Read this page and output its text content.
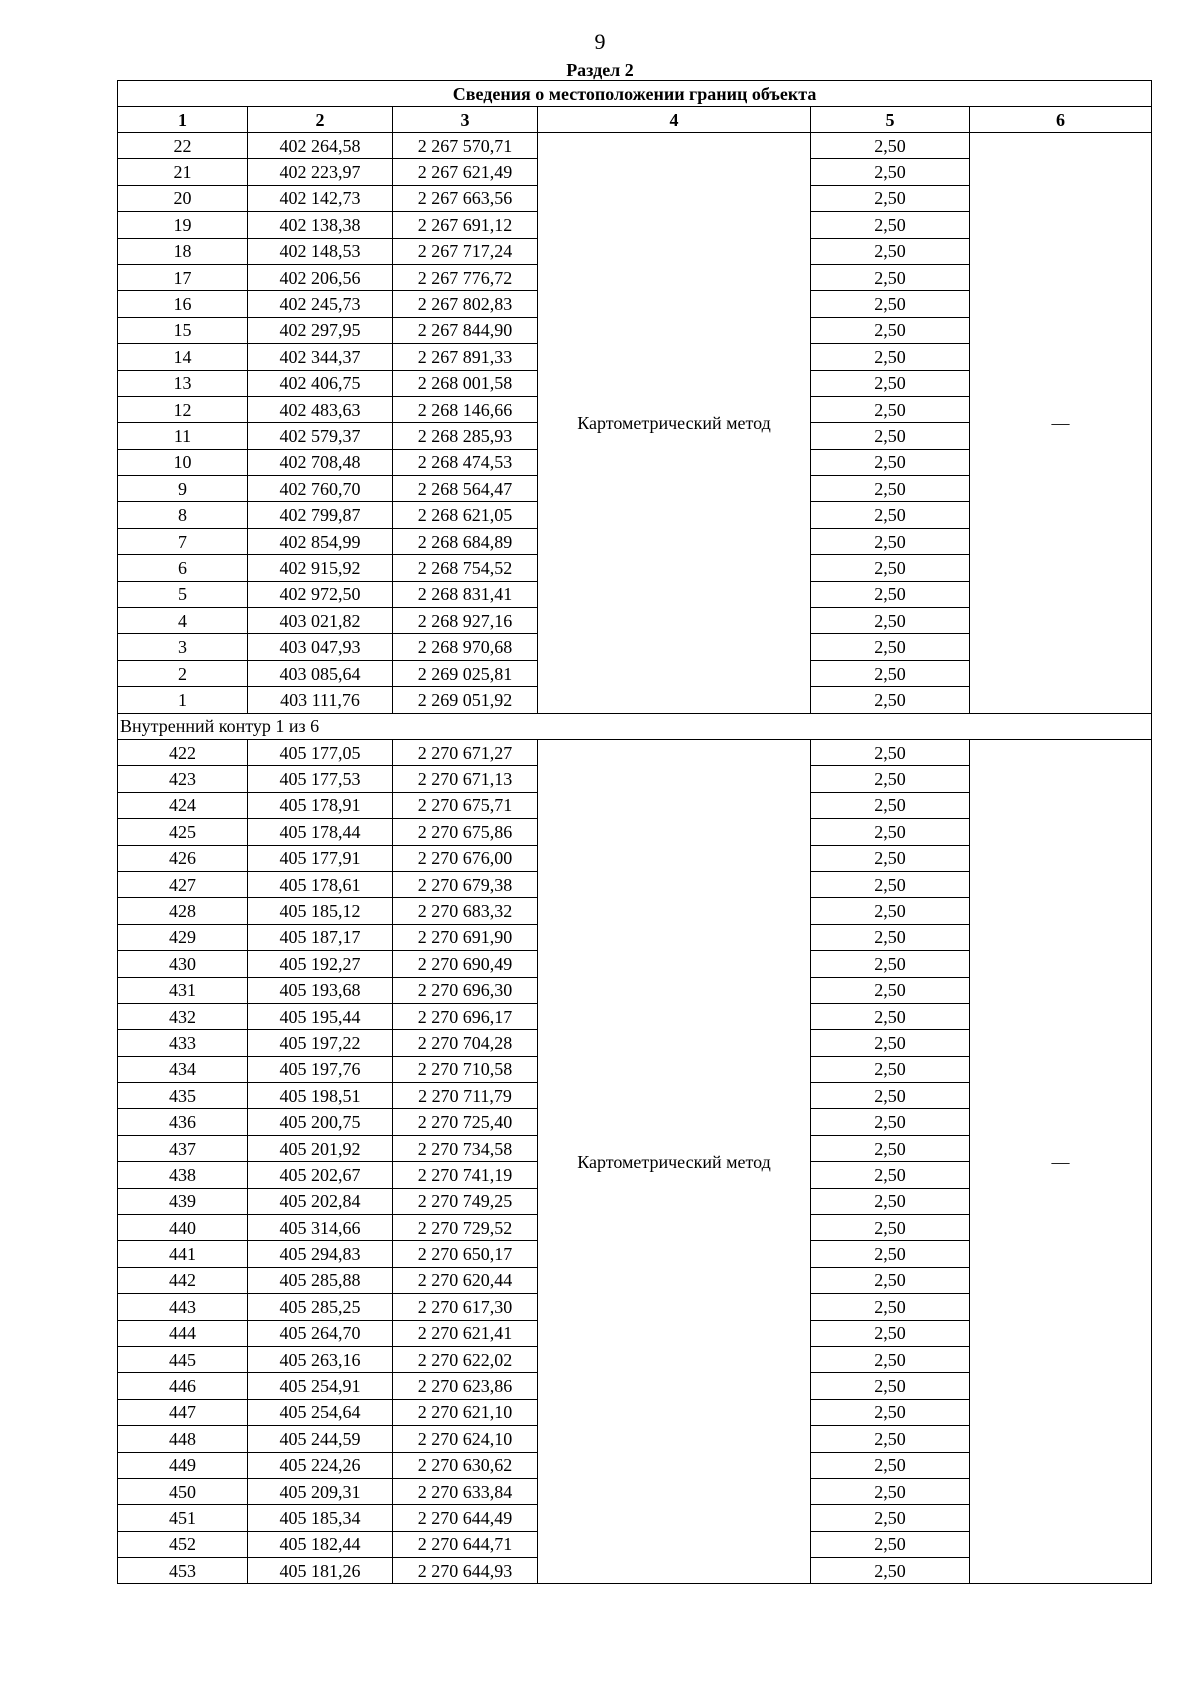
9
Раздел 2
Сведения о местоположении границ объекта					
1	2	3	4	5	6
22	402 264,58	2 267 570,71	Картометрический метод	2,50	—
21	402 223,97	2 267 621,49		2,50	
20	402 142,73	2 267 663,56		2,50	
19	402 138,38	2 267 691,12		2,50	
18	402 148,53	2 267 717,24		2,50	
17	402 206,56	2 267 776,72		2,50	
16	402 245,73	2 267 802,83		2,50	
15	402 297,95	2 267 844,90		2,50	
14	402 344,37	2 267 891,33		2,50	
13	402 406,75	2 268 001,58		2,50	
12	402 483,63	2 268 146,66		2,50	
11	402 579,37	2 268 285,93		2,50	
10	402 708,48	2 268 474,53		2,50	
9	402 760,70	2 268 564,47		2,50	
8	402 799,87	2 268 621,05		2,50	
7	402 854,99	2 268 684,89		2,50	
6	402 915,92	2 268 754,52		2,50	
5	402 972,50	2 268 831,41		2,50	
4	403 021,82	2 268 927,16		2,50	
3	403 047,93	2 268 970,68		2,50	
2	403 085,64	2 269 025,81		2,50	
1	403 111,76	2 269 051,92		2,50	
Внутренний контур 1 из 6					
422	405 177,05	2 270 671,27	Картометрический метод	2,50	—
423	405 177,53	2 270 671,13		2,50	
424	405 178,91	2 270 675,71		2,50	
425	405 178,44	2 270 675,86		2,50	
426	405 177,91	2 270 676,00		2,50	
427	405 178,61	2 270 679,38		2,50	
428	405 185,12	2 270 683,32		2,50	
429	405 187,17	2 270 691,90		2,50	
430	405 192,27	2 270 690,49		2,50	
431	405 193,68	2 270 696,30		2,50	
432	405 195,44	2 270 696,17		2,50	
433	405 197,22	2 270 704,28		2,50	
434	405 197,76	2 270 710,58		2,50	
435	405 198,51	2 270 711,79		2,50	
436	405 200,75	2 270 725,40		2,50	
437	405 201,92	2 270 734,58		2,50	
438	405 202,67	2 270 741,19		2,50	
439	405 202,84	2 270 749,25		2,50	
440	405 314,66	2 270 729,52		2,50	
441	405 294,83	2 270 650,17		2,50	
442	405 285,88	2 270 620,44		2,50	
443	405 285,25	2 270 617,30		2,50	
444	405 264,70	2 270 621,41		2,50	
445	405 263,16	2 270 622,02		2,50	
446	405 254,91	2 270 623,86		2,50	
447	405 254,64	2 270 621,10		2,50	
448	405 244,59	2 270 624,10		2,50	
449	405 224,26	2 270 630,62		2,50	
450	405 209,31	2 270 633,84		2,50	
451	405 185,34	2 270 644,49		2,50	
452	405 182,44	2 270 644,71		2,50	
453	405 181,26	2 270 644,93		2,50	
